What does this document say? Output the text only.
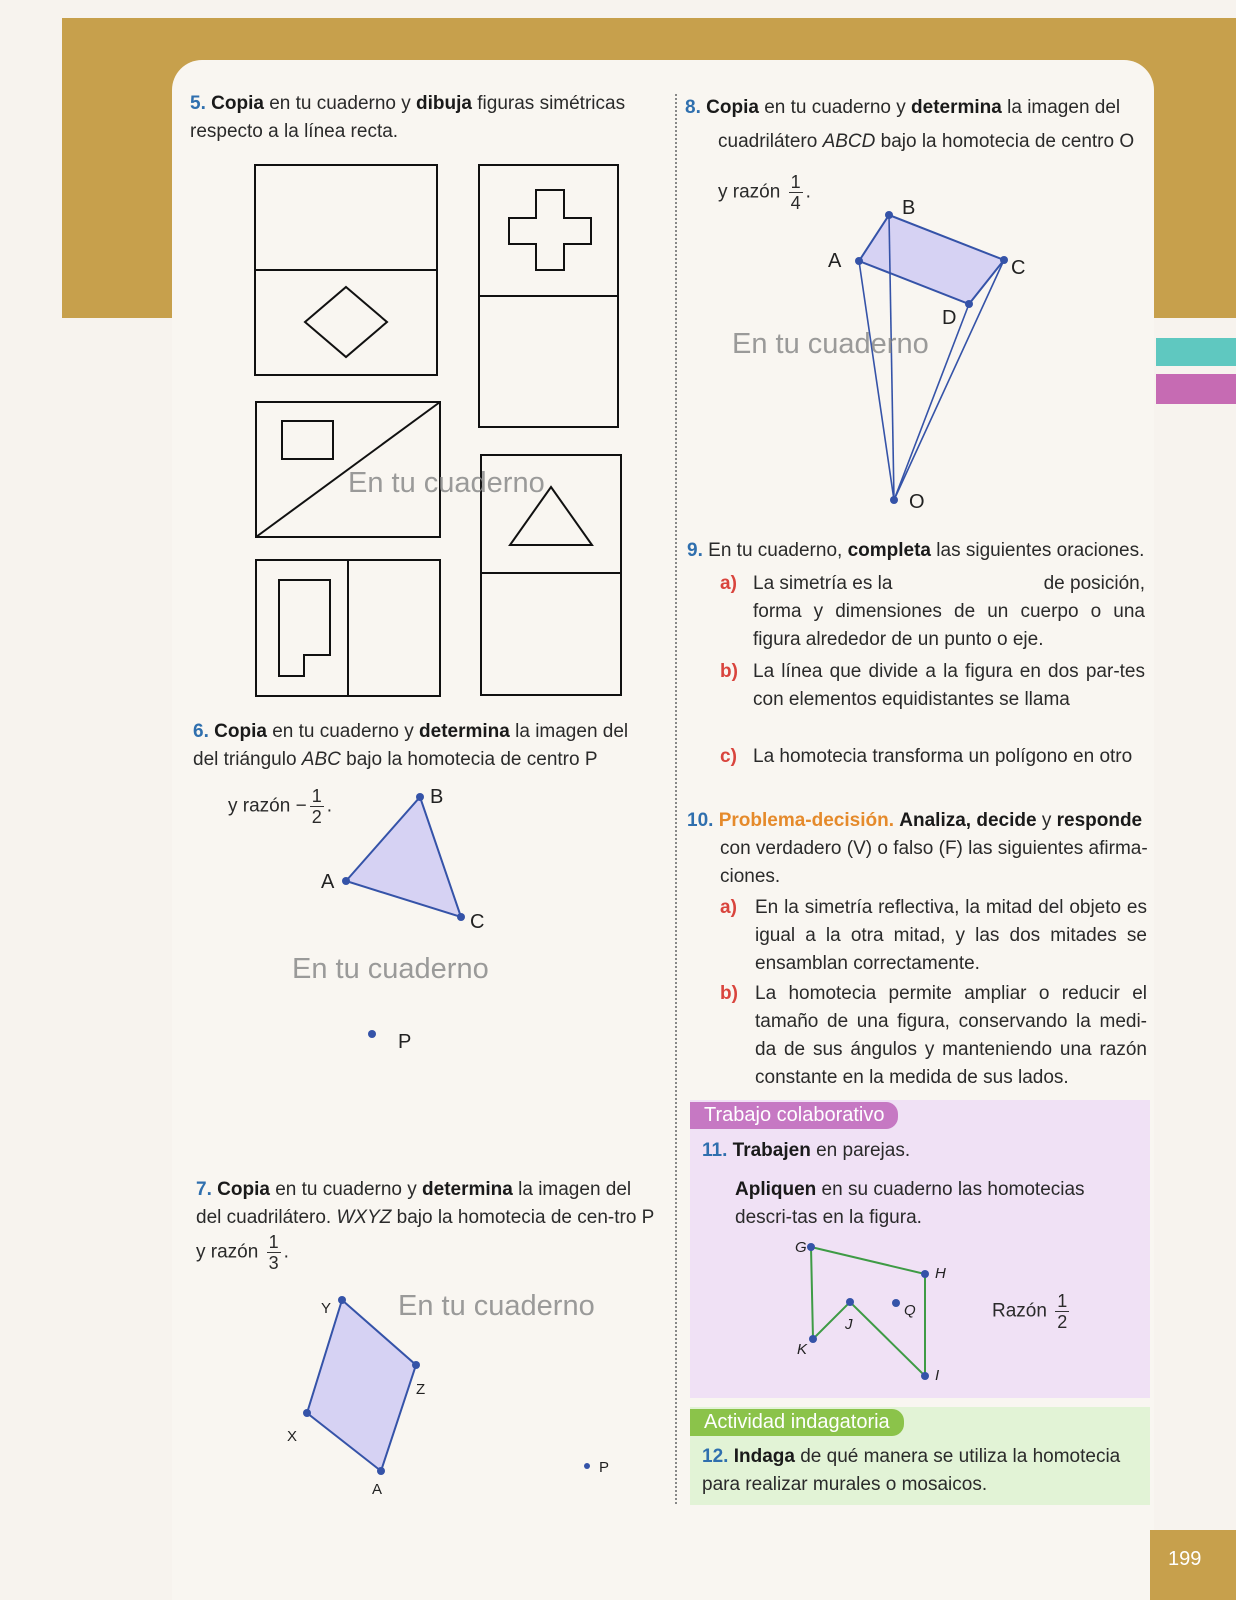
199
5. Copia en tu cuaderno y dibuja figuras simétricas respecto a la línea recta.
En tu cuaderno
6. Copia en tu cuaderno y determina la imagen del del triángulo ABC bajo la homotecia de centro P
y razón − $\frac{1}{2}$ .
A
B
C
P
En tu cuaderno
7. Copia en tu cuaderno y determina la imagen del del cuadrilátero. WXYZ bajo la homotecia de cen-tro P y razón $\frac{1}{3}$ .
Y
Z
X
A
P
En tu cuaderno
8. Copia en tu cuaderno y determina la imagen del
cuadrilátero ABCD bajo la homotecia de centro O
y razón $\frac{1}{4}$ .
A
B
C
D
O
En tu cuaderno
9. En tu cuaderno, completa las siguientes oraciones.
a) La simetría es la	de posición,
forma y dimensiones de un cuerpo o una figura alrededor de un punto o eje.
b) La línea que divide a la figura en dos par-tes con elementos equidistantes se llama
c) La homotecia transforma un polígono en otro
10. Problema-decisión. Analiza, decide y responde
con verdadero (V) o falso (F) las siguientes afirma-ciones.
a) En la simetría reflectiva, la mitad del objeto es igual a la otra mitad, y las dos mitades se ensamblan correctamente.
b) La homotecia permite ampliar o reducir el tamaño de una figura, conservando la medi-da de sus ángulos y manteniendo una razón constante en la medida de sus lados.
Trabajo colaborativo
11. Trabajen en parejas.
Apliquen en su cuaderno las homotecias descri-tas en la figura.
G
H
J
K
Q
I
Razón $\frac{1}{2}$
Actividad indagatoria
12. Indaga de qué manera se utiliza la homotecia para realizar murales o mosaicos.
